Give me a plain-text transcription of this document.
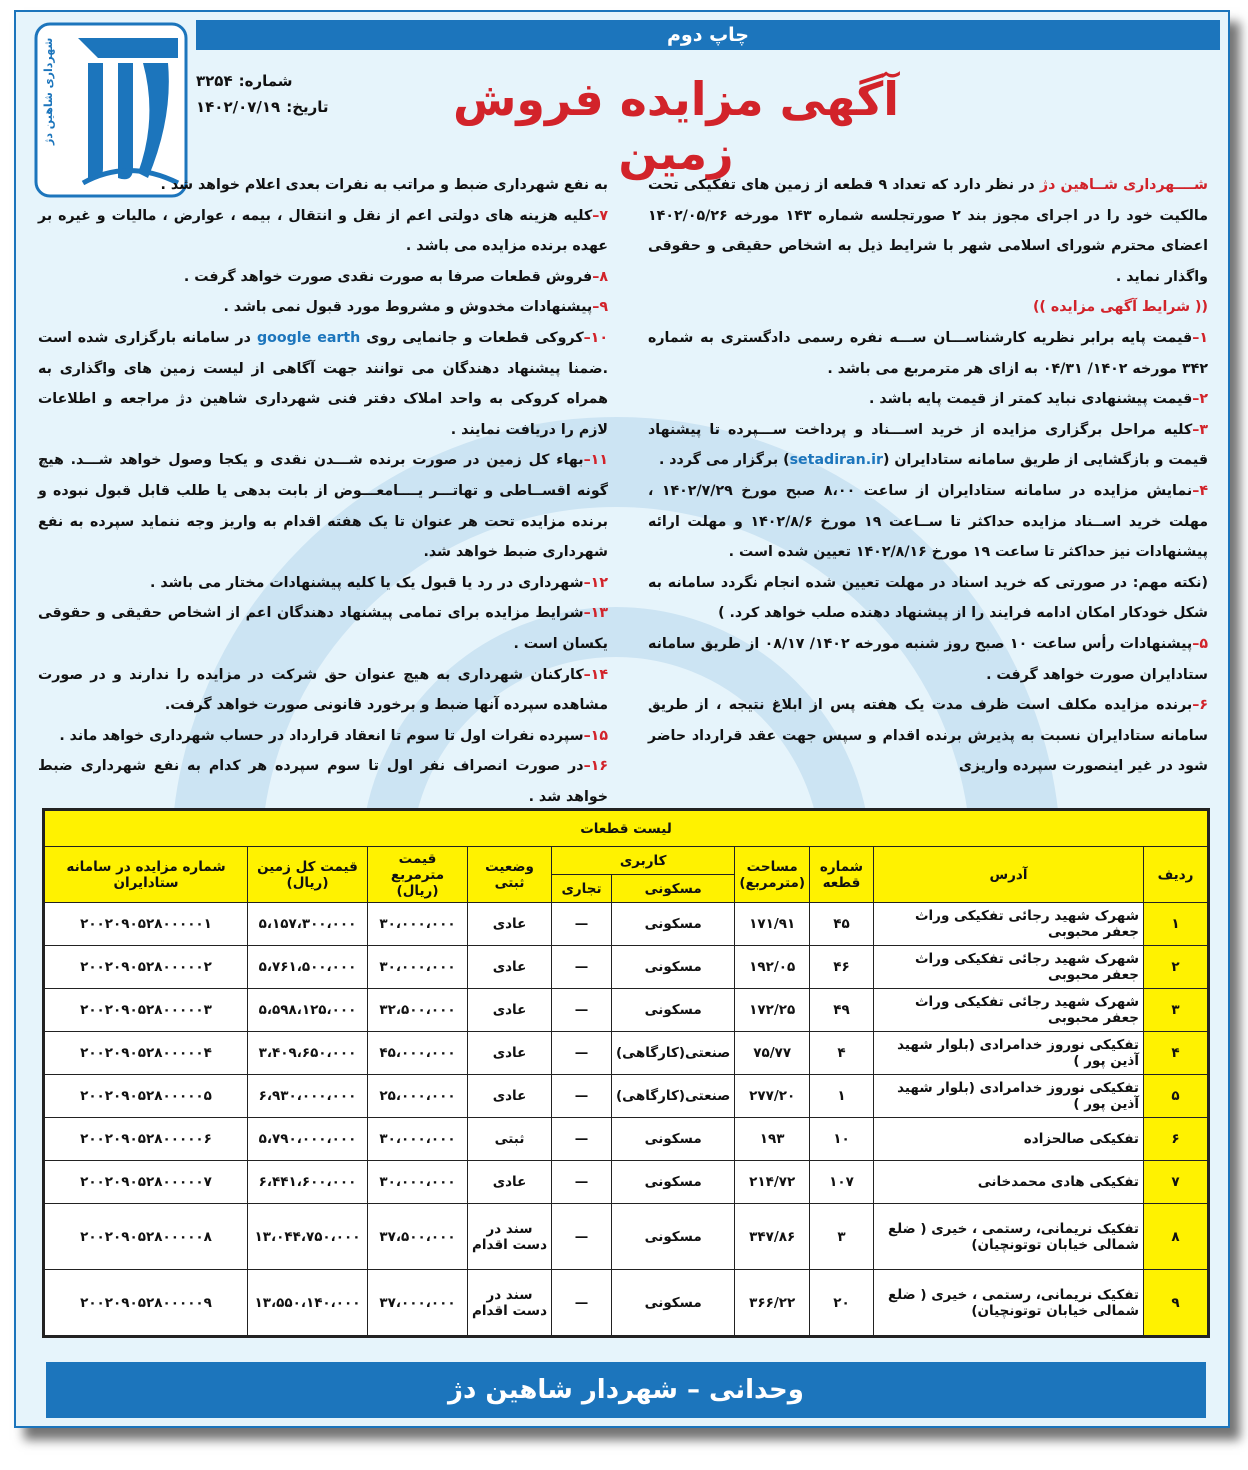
شهرداری شاهین دژ
چاپ دوم
شماره:
۳۲۵۴
تاریخ:
۱۴۰۲/۰۷/۱۹	آگهی مزایده فروش زمین

شــــهرداری شــاهین دژ در نظر دارد که تعداد ۹ قطعه از زمین های تفکیکی تحت مالکیت خود را در اجرای مجوز بند ۲ صورتجلسه شماره ۱۴۳ مورخه ۱۴۰۲/۰۵/۲۶ اعضای محترم شورای اسلامی شهر با شرایط ذیل به اشخاص حقیقی و حقوقی واگذار نماید .

(( شرایط آگهی مزایده ))

۱–قیمت پایه برابر نظریه کارشناســـان ســـه نفره رسمی دادگستری به شماره ۳۴۲ مورخه ۱۴۰۲/ ۰۴/۳۱ به ازای هر مترمربع می باشد .

۲–قیمت پیشنهادی نباید کمتر از قیمت پایه باشد .

۳–کلیه مراحل برگزاری مزایده از خرید اســـناد و پرداخت ســـپرده تا پیشنهاد قیمت و بازگشایی از طریق سامانه ستادایران (setadiran.ir) برگزار می گردد .

۴–نمایش مزایده در سامانه ستادایران از ساعت ۸،۰۰ صبح مورخ ۱۴۰۲/۷/۲۹ ، مهلت خرید اســناد مزایده حداکثر تا ســاعت ۱۹ مورخ ۱۴۰۲/۸/۶ و مهلت ارائه پیشنهادات نیز حداکثر تا ساعت ۱۹ مورخ ۱۴۰۲/۸/۱۶ تعیین شده است .

(نکته مهم: در صورتی که خرید اسناد در مهلت تعیین شده انجام نگردد سامانه به شکل خودکار امکان ادامه فرایند را از پیشنهاد دهنده صلب خواهد کرد. )

۵–پیشنهادات رأس ساعت ۱۰ صبح روز شنبه مورخه ۱۴۰۲/ ۰۸/۱۷ از طریق سامانه ستادایران صورت خواهد گرفت .

۶–برنده مزایده مکلف است ظرف مدت یک هفته پس از ابلاغ نتیجه ، از طریق سامانه ستادایران نسبت به پذیرش برنده اقدام و سپس جهت عقد قرارداد حاضر شود در غیر اینصورت سپرده واریزی

به نفع شهرداری ضبط و مراتب به نفرات بعدی اعلام خواهد شد .

۷–کلیه هزینه های دولتی اعم از نقل و انتقال ، بیمه ، عوارض ، مالیات و غیره بر عهده برنده مزایده می باشد .

۸–فروش قطعات صرفا به صورت نقدی صورت خواهد گرفت .

۹–پیشنهادات مخدوش و مشروط مورد قبول نمی باشد .

۱۰–کروکی قطعات و جانمایی روی google earth در سامانه بارگزاری شده است .ضمنا پیشنهاد دهندگان می توانند جهت آگاهی از لیست زمین های واگذاری به همراه کروکی به واحد املاک دفتر فنی شهرداری شاهین دژ مراجعه و اطلاعات لازم را دریافت نمایند .

۱۱–بهاء کل زمین در صورت برنده شـــدن نقدی و یکجا وصول خواهد شـــد. هیچ گونه اقســاطی و تهاتـــر یــــامعـــوض از بابت بدهی یا طلب قابل قبول نبوده و برنده مزایده تحت هر عنوان تا یک هفته اقدام به واریز وجه ننماید سپرده به نفع شهرداری ضبط خواهد شد.

۱۲–شهرداری در رد یا قبول یک یا کلیه پیشنهادات مختار می باشد .

۱۳–شرایط مزایده برای تمامی پیشنهاد دهندگان اعم از اشخاص حقیقی و حقوقی یکسان است .

۱۴–کارکنان شهرداری به هیچ عنوان حق شرکت در مزایده را ندارند و در صورت مشاهده سپرده آنها ضبط و برخورد قانونی صورت خواهد گرفت.

۱۵–سپرده نفرات اول تا سوم تا انعقاد قرارداد در حساب شهرداری خواهد ماند .

۱۶–در صورت انصراف نفر اول تا سوم سپرده هر کدام به نفع شهرداری ضبط خواهد شد .

لیست قطعات									
ردیف	آدرس	شماره قطعه	مساحت (مترمربع)	کاربری		وضعیت ثبتی	قیمت مترمربع (ریال)	قیمت کل زمین (ریال)	شماره مزایده در سامانه ستادایران
				مسکونی	تجاری				
۱	شهرک شهید رجائی تفکیکی وراث جعفر محبوبی	۴۵	۱۷۱/۹۱	مسکونی	—	عادی	۳۰،۰۰۰،۰۰۰	۵،۱۵۷،۳۰۰،۰۰۰	۲۰۰۲۰۹۰۵۲۸۰۰۰۰۰۱
۲	شهرک شهید رجائی تفکیکی وراث جعفر محبوبی	۴۶	۱۹۲/۰۵	مسکونی	—	عادی	۳۰،۰۰۰،۰۰۰	۵،۷۶۱،۵۰۰،۰۰۰	۲۰۰۲۰۹۰۵۲۸۰۰۰۰۰۲
۳	شهرک شهید رجائی تفکیکی وراث جعفر محبوبی	۴۹	۱۷۲/۲۵	مسکونی	—	عادی	۳۲،۵۰۰،۰۰۰	۵،۵۹۸،۱۲۵،۰۰۰	۲۰۰۲۰۹۰۵۲۸۰۰۰۰۰۳
۴	تفکیکی نوروز خدامرادی (بلوار شهید آذین پور )	۴	۷۵/۷۷	صنعتی(کارگاهی)	—	عادی	۴۵،۰۰۰،۰۰۰	۳،۴۰۹،۶۵۰،۰۰۰	۲۰۰۲۰۹۰۵۲۸۰۰۰۰۰۴
۵	تفکیکی نوروز خدامرادی (بلوار شهید آذین پور )	۱	۲۷۷/۲۰	صنعتی(کارگاهی)	—	عادی	۲۵،۰۰۰،۰۰۰	۶،۹۳۰،۰۰۰،۰۰۰	۲۰۰۲۰۹۰۵۲۸۰۰۰۰۰۵
۶	تفکیکی صالحزاده	۱۰	۱۹۳	مسکونی	—	ثبتی	۳۰،۰۰۰،۰۰۰	۵،۷۹۰،۰۰۰،۰۰۰	۲۰۰۲۰۹۰۵۲۸۰۰۰۰۰۶
۷	تفکیکی هادی محمدخانی	۱۰۷	۲۱۴/۷۲	مسکونی	—	عادی	۳۰،۰۰۰،۰۰۰	۶،۴۴۱،۶۰۰،۰۰۰	۲۰۰۲۰۹۰۵۲۸۰۰۰۰۰۷
۸	تفکیک نریمانی، رستمی ، خیری ( ضلع شمالی خیابان توتونچیان)	۳	۳۴۷/۸۶	مسکونی	—	سند در دست اقدام	۳۷،۵۰۰،۰۰۰	۱۳،۰۴۴،۷۵۰،۰۰۰	۲۰۰۲۰۹۰۵۲۸۰۰۰۰۰۸
۹	تفکیک نریمانی، رستمی ، خیری ( ضلع شمالی خیابان توتونچیان)	۲۰	۳۶۶/۲۲	مسکونی	—	سند در دست اقدام	۳۷،۰۰۰،۰۰۰	۱۳،۵۵۰،۱۴۰،۰۰۰	۲۰۰۲۰۹۰۵۲۸۰۰۰۰۰۹
وحدانی – شهردار شاهین دژ
